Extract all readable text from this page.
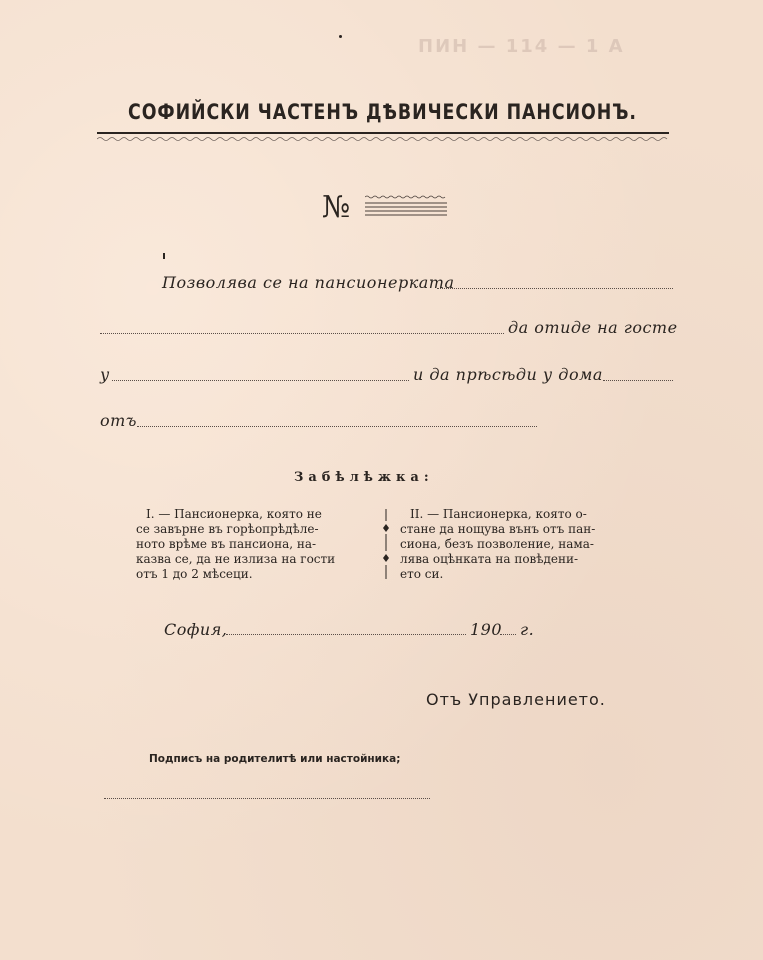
ПИН — 114 — 1 А
СОФИЙСКИ ЧАСТЕНЪ ДѢВИЧЕСКИ ПАНСИОНЪ.
№
Позволява се на пансионерката
да отиде на госте
у	и да прѣсѣди у дома
отъ
Забѣлѣжка:
I. — Пансионерка, която не
се завърне въ горѣопрѣдѣле-
ното врѣме въ пансиона, на-
казва се, да не излиза на гости
отъ 1 до 2 мѣсеци.
II. — Пансионерка, която о-
стане да нощува вънъ отъ пан-
сиона, безъ позволение, нама-
лява оцѣнката на повѣдени-
ето си.
София,	190 г.
Отъ Управлението.
Подписъ на родителитѣ или настойника;
